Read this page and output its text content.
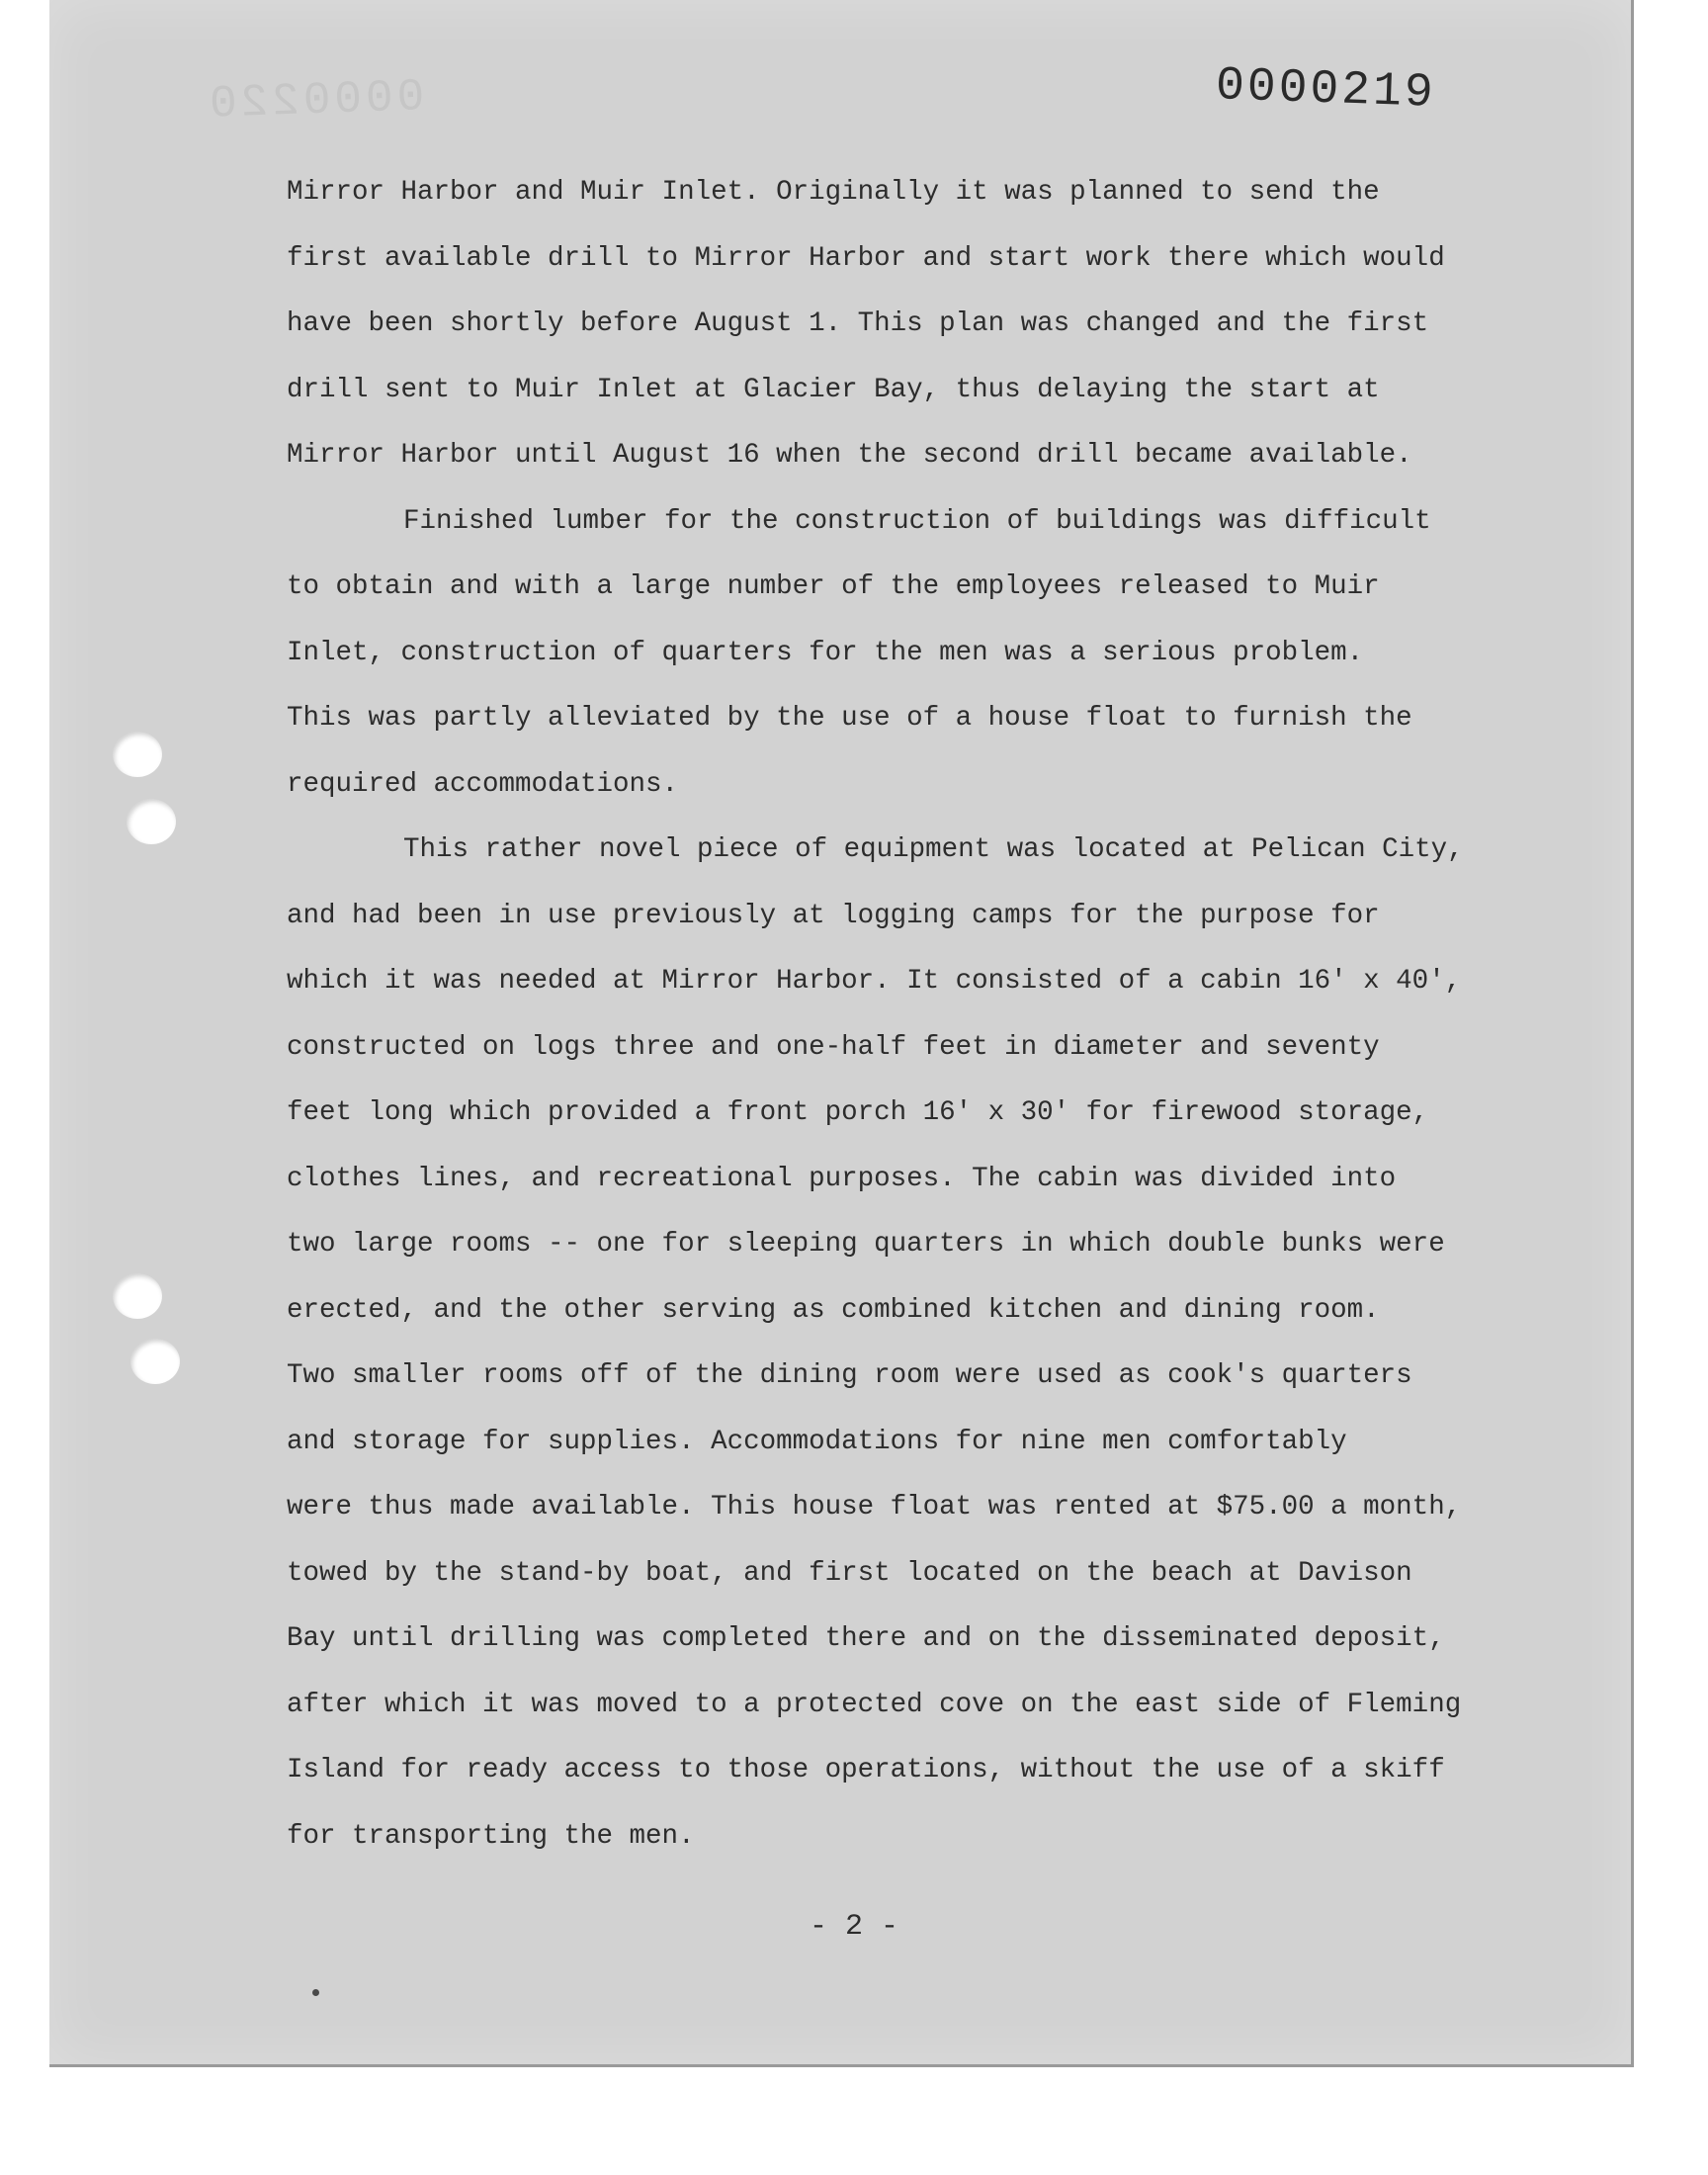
0000220	0000219

Mirror Harbor and Muir Inlet. Originally it was planned to send the
first available drill to Mirror Harbor and start work there which would
have been shortly before August 1. This plan was changed and the first
drill sent to Muir Inlet at Glacier Bay, thus delaying the start at
Mirror Harbor until August 16 when the second drill became available.

Finished lumber for the construction of buildings was difficult
to obtain and with a large number of the employees released to Muir
Inlet, construction of quarters for the men was a serious problem.
This was partly alleviated by the use of a house float to furnish the
required accommodations.

This rather novel piece of equipment was located at Pelican City,
and had been in use previously at logging camps for the purpose for
which it was needed at Mirror Harbor. It consisted of a cabin 16' x 40',
constructed on logs three and one-half feet in diameter and seventy
feet long which provided a front porch 16' x 30' for firewood storage,
clothes lines, and recreational purposes. The cabin was divided into
two large rooms -- one for sleeping quarters in which double bunks were
erected, and the other serving as combined kitchen and dining room.
Two smaller rooms off of the dining room were used as cook's quarters
and storage for supplies. Accommodations for nine men comfortably
were thus made available. This house float was rented at $75.00 a month,
towed by the stand-by boat, and first located on the beach at Davison
Bay until drilling was completed there and on the disseminated deposit,
after which it was moved to a protected cove on the east side of Fleming
Island for ready access to those operations, without the use of a skiff
for transporting the men.

- 2 -
